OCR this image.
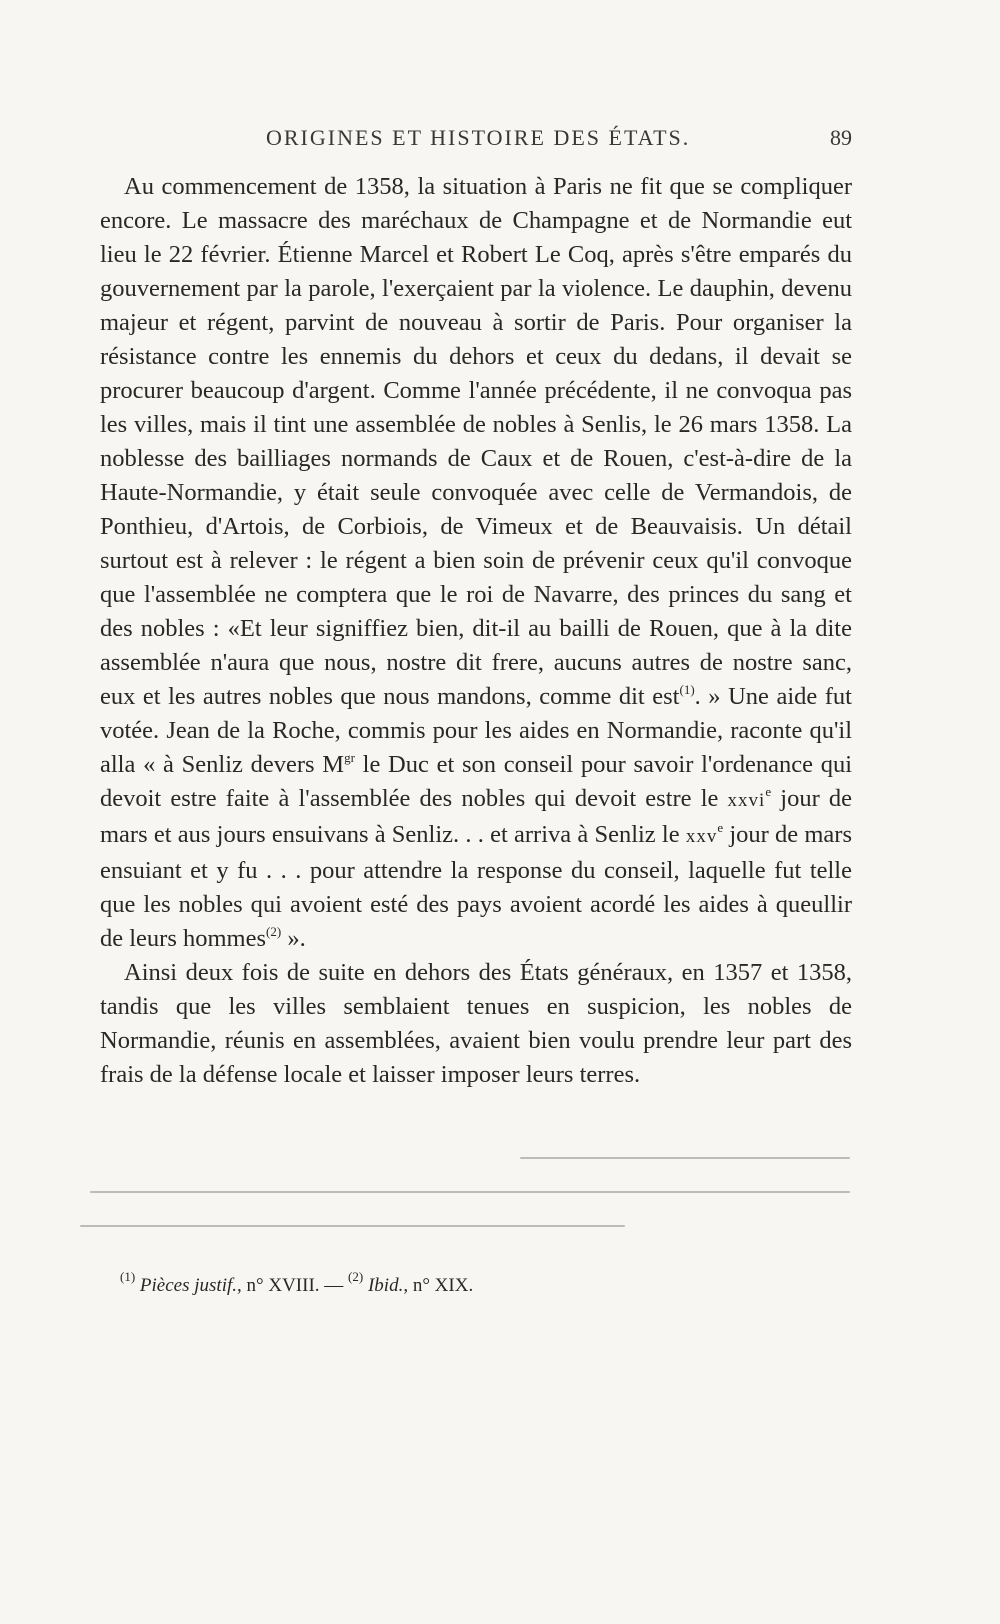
ORIGINES ET HISTOIRE DES ÉTATS.	89

Au commencement de 1358, la situation à Paris ne fit que se compliquer encore. Le massacre des maréchaux de Champagne et de Normandie eut lieu le 22 février. Étienne Marcel et Robert Le Coq, après s'être emparés du gouvernement par la parole, l'exerçaient par la violence. Le dauphin, devenu majeur et régent, parvint de nouveau à sortir de Paris. Pour organiser la résistance contre les ennemis du dehors et ceux du dedans, il devait se procurer beaucoup d'argent. Comme l'année précédente, il ne convoqua pas les villes, mais il tint une assemblée de nobles à Senlis, le 26 mars 1358. La noblesse des bailliages normands de Caux et de Rouen, c'est-à-dire de la Haute-Normandie, y était seule convoquée avec celle de Vermandois, de Ponthieu, d'Artois, de Corbiois, de Vimeux et de Beauvaisis. Un détail surtout est à relever : le régent a bien soin de prévenir ceux qu'il convoque que l'assemblée ne comptera que le roi de Navarre, des princes du sang et des nobles : «Et leur signiffiez bien, dit-il au bailli de Rouen, que à la dite assemblée n'aura que nous, nostre dit frere, aucuns autres de nostre sanc, eux et les autres nobles que nous mandons, comme dit est$^{(1)}$. » Une aide fut votée. Jean de la Roche, commis pour les aides en Normandie, raconte qu'il alla « à Senliz devers $M^{gr}$ le Duc et son conseil pour savoir l'ordenance qui devoit estre faite à l'assemblée des nobles qui devoit estre le xxvi$^e$ jour de mars et aus jours ensuivans à Senliz. . . et arriva à Senliz le xxv$^e$ jour de mars ensuiant et y fu . . . pour attendre la response du conseil, laquelle fut telle que les nobles qui avoient esté des pays avoient acordé les aides à queullir de leurs hommes$^{(2)}$ ».

Ainsi deux fois de suite en dehors des États généraux, en 1357 et 1358, tandis que les villes semblaient tenues en suspicion, les nobles de Normandie, réunis en assemblées, avaient bien voulu prendre leur part des frais de la défense locale et laisser imposer leurs terres.

$^{(1)}$ Pièces justif., n° XVIII. — $^{(2)}$ Ibid., n° XIX.
